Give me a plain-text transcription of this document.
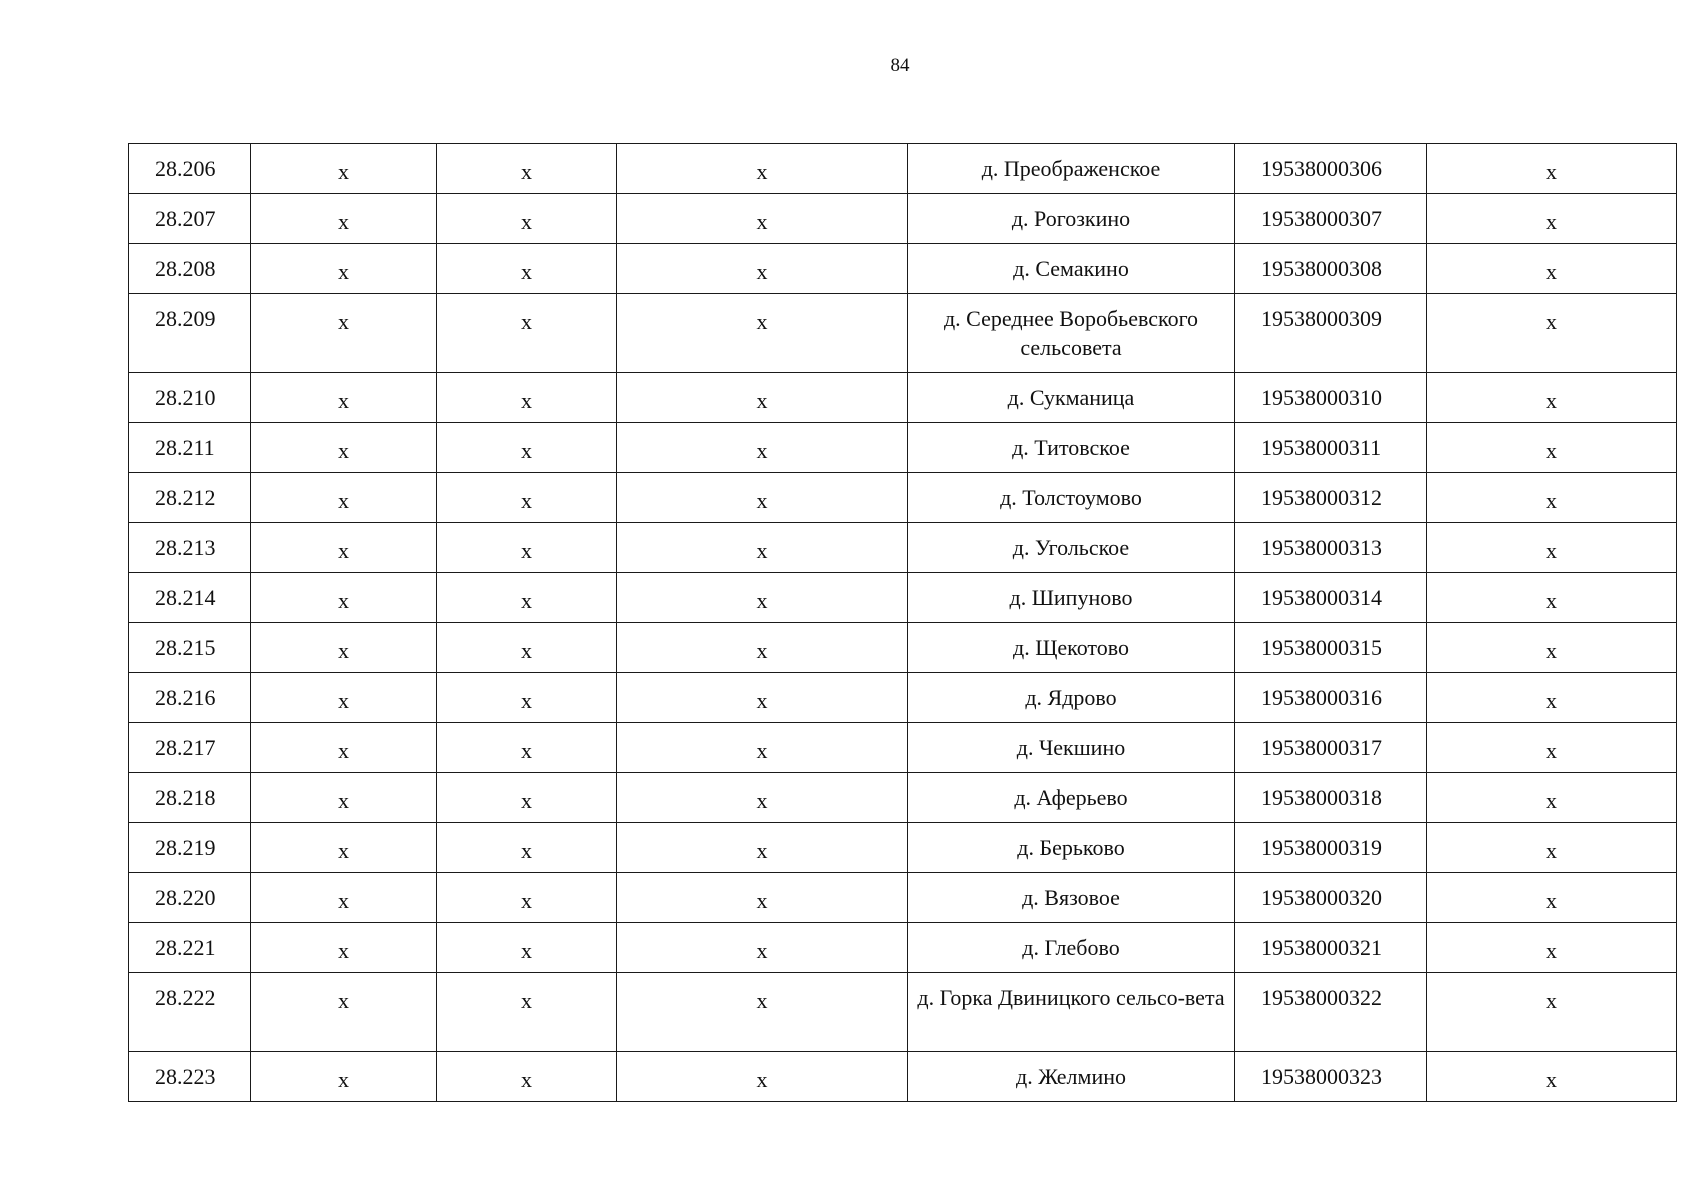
84
28.206	x	x	x	д. Преображенское	19538000306	x
28.207	x	x	x	д. Рогозкино	19538000307	x
28.208	x	x	x	д. Семакино	19538000308	x
28.209	x	x	x	д. Середнее Воробьевского сельсовета	19538000309	x
28.210	x	x	x	д. Сукманица	19538000310	x
28.211	x	x	x	д. Титовское	19538000311	x
28.212	x	x	x	д. Толстоумово	19538000312	x
28.213	x	x	x	д. Угольское	19538000313	x
28.214	x	x	x	д. Шипуново	19538000314	x
28.215	x	x	x	д. Щекотово	19538000315	x
28.216	x	x	x	д. Ядрово	19538000316	x
28.217	x	x	x	д. Чекшино	19538000317	x
28.218	x	x	x	д. Аферьево	19538000318	x
28.219	x	x	x	д. Берьково	19538000319	x
28.220	x	x	x	д. Вязовое	19538000320	x
28.221	x	x	x	д. Глебово	19538000321	x
28.222	x	x	x	д. Горка Двиницкого сельсо-вета	19538000322	x
28.223	x	x	x	д. Желмино	19538000323	x
